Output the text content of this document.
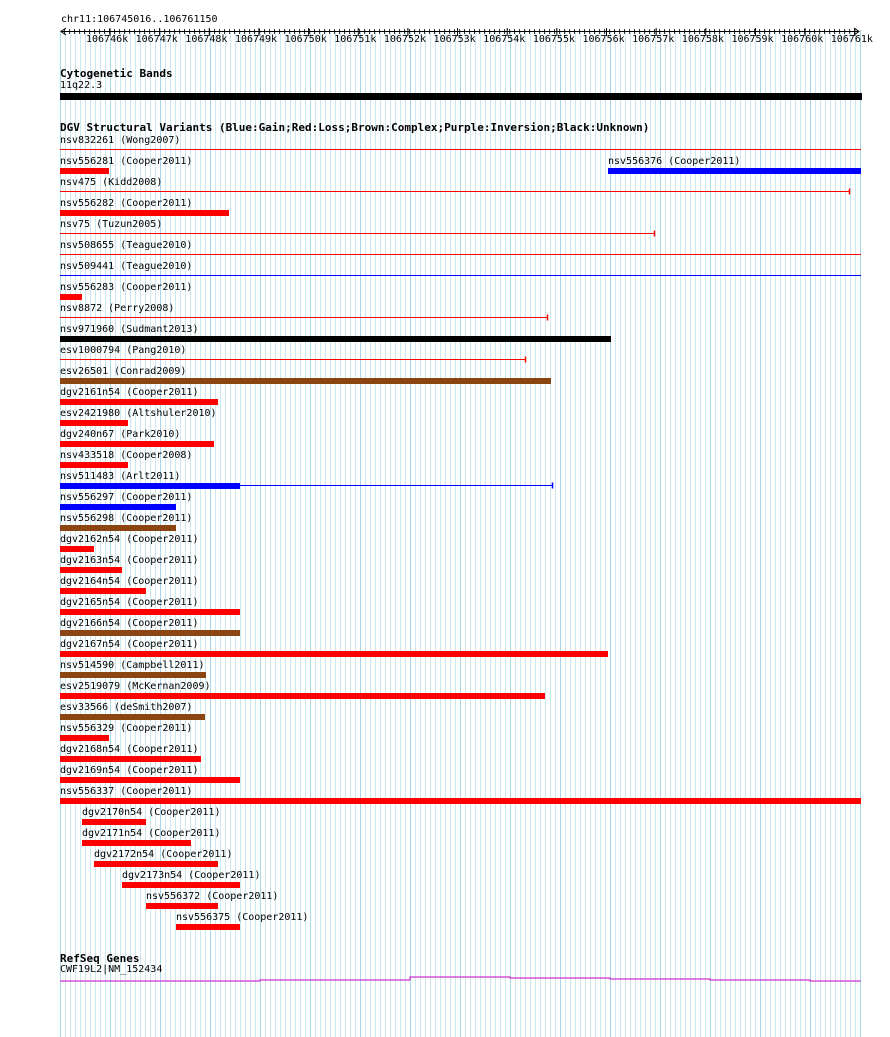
chr11:106745016..106761150
106746k 106747k 106748k 106749k 106750k 106751k 106752k 106753k 106754k 106755k 106756k 106757k 106758k 106759k 106760k 106761k
Cytogenetic Bands
11q22.3
DGV Structural Variants (Blue:Gain;Red:Loss;Brown:Complex;Purple:Inversion;Black:Unknown)
nsv832261 (Wong2007)
nsv556281 (Cooper2011)	nsv556376 (Cooper2011)
nsv475 (Kidd2008)
nsv556282 (Cooper2011)
nsv75 (Tuzun2005)
nsv508655 (Teague2010)
nsv509441 (Teague2010)
nsv556283 (Cooper2011)
nsv8872 (Perry2008)
nsv971960 (Sudmant2013)
esv1000794 (Pang2010)
esv26501 (Conrad2009)
dgv2161n54 (Cooper2011)
esv2421980 (Altshuler2010)
dgv240n67 (Park2010)
nsv433518 (Cooper2008)
nsv511483 (Arlt2011)
nsv556297 (Cooper2011)
nsv556298 (Cooper2011)
dgv2162n54 (Cooper2011)
dgv2163n54 (Cooper2011)
dgv2164n54 (Cooper2011)
dgv2165n54 (Cooper2011)
dgv2166n54 (Cooper2011)
dgv2167n54 (Cooper2011)
nsv514590 (Campbell2011)
esv2519079 (McKernan2009)
esv33566 (deSmith2007)
nsv556329 (Cooper2011)
dgv2168n54 (Cooper2011)
dgv2169n54 (Cooper2011)
nsv556337 (Cooper2011)
dgv2170n54 (Cooper2011)
dgv2171n54 (Cooper2011)
dgv2172n54 (Cooper2011)
dgv2173n54 (Cooper2011)
nsv556372 (Cooper2011)
nsv556375 (Cooper2011)
RefSeq Genes
CWF19L2|NM_152434
